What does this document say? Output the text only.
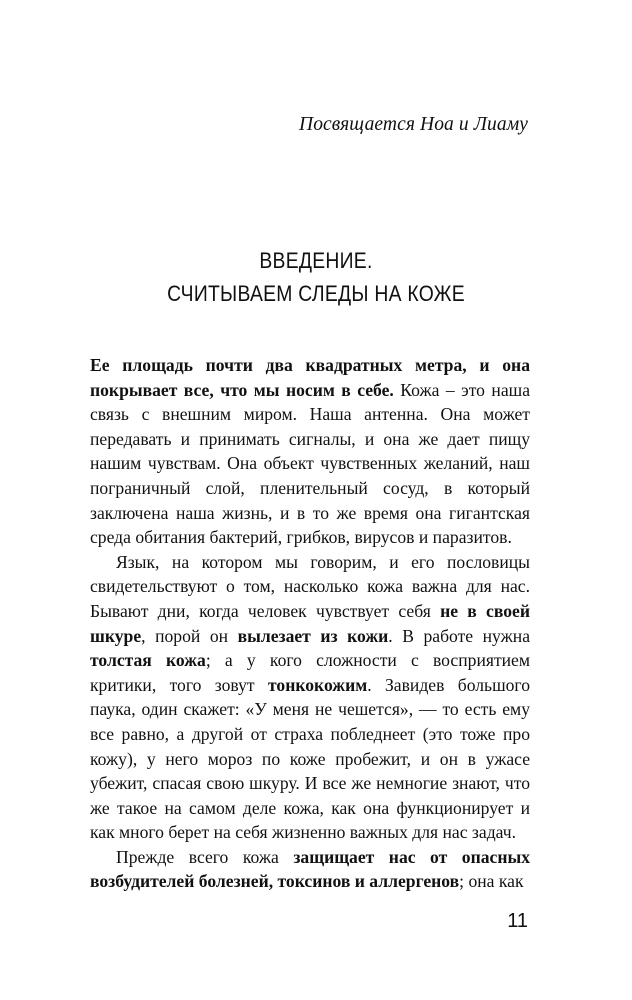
Посвящается Ноа и Лиаму
ВВЕДЕНИЕ.
СЧИТЫВАЕМ СЛЕДЫ НА КОЖЕ

Ее площадь почти два квадратных метра, и она покрывает все, что мы носим в себе. Кожа – это наша связь с внешним миром. Наша антенна. Она может передавать и принимать сигналы, и она же дает пищу нашим чувствам. Она объект чувственных желаний, наш пограничный слой, пленительный сосуд, в который заключена наша жизнь, и в то же время она гигантская среда обитания бактерий, грибков, вирусов и паразитов.

Язык, на котором мы говорим, и его пословицы свидетельствуют о том, насколько кожа важна для нас. Бывают дни, когда человек чувствует себя не в своей шкуре, порой он вылезает из кожи. В работе нужна толстая кожа; а у кого сложности с восприятием критики, того зовут тонкокожим. Завидев большого паука, один скажет: «У меня не чешется», — то есть ему все равно, а другой от страха побледнеет (это тоже про кожу), у него мороз по коже пробежит, и он в ужасе убежит, спасая свою шкуру. И все же немногие знают, что же такое на самом деле кожа, как она функционирует и как много берет на себя жизненно важных для нас задач.

Прежде всего кожа защищает нас от опасных возбудителей болезней, токсинов и аллергенов; она как

11
